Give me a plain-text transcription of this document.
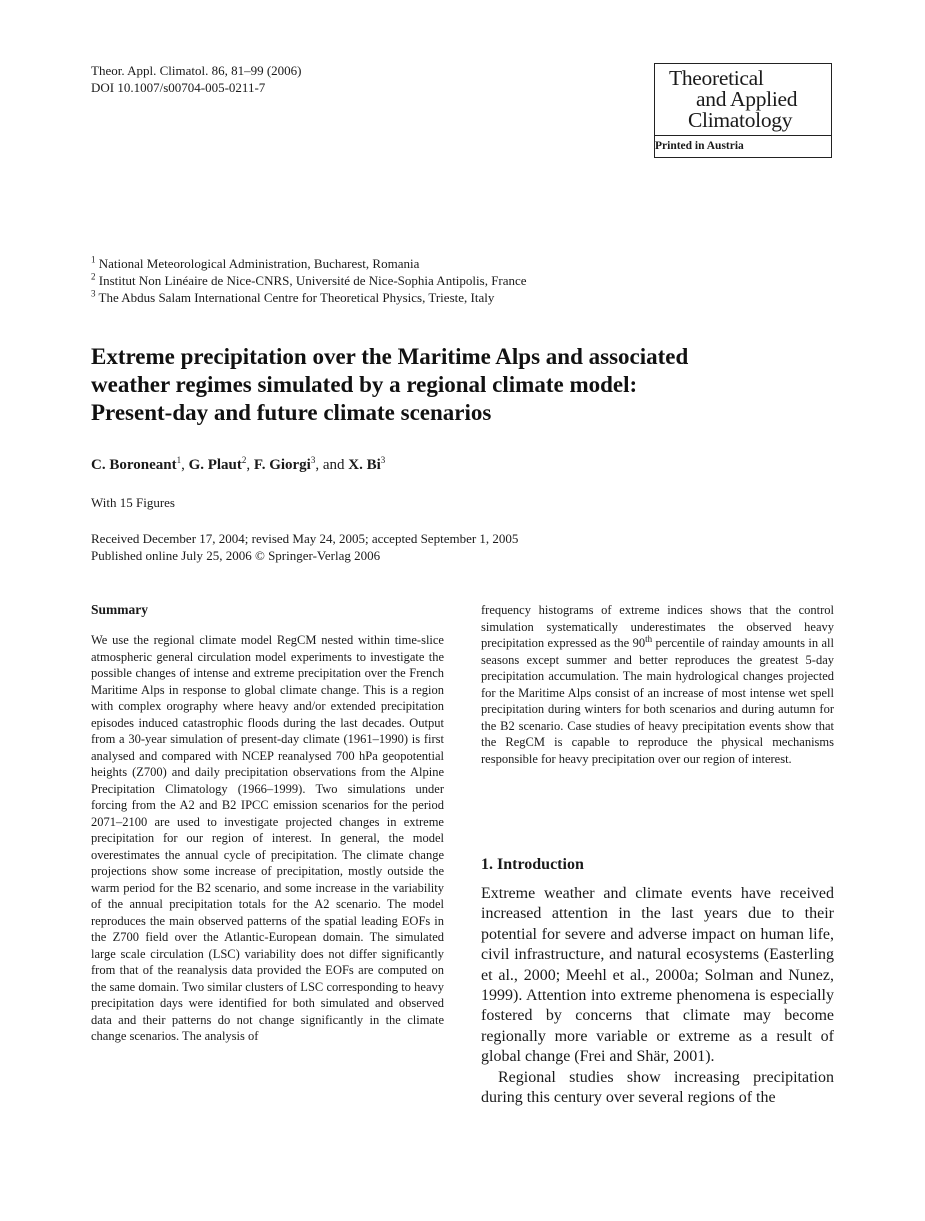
Theor. Appl. Climatol. 86, 81–99 (2006)
DOI 10.1007/s00704-005-0211-7	Theoretical
and Applied
Climatology
Printed in Austria
$^1$ National Meteorological Administration, Bucharest, Romania
$^2$ Institut Non Linéaire de Nice-CNRS, Université de Nice-Sophia Antipolis, France
$^3$ The Abdus Salam International Centre for Theoretical Physics, Trieste, Italy
Extreme precipitation over the Maritime Alps and associated
weather regimes simulated by a regional climate model:
Present-day and future climate scenarios
C. Boroneant$^1$, G. Plaut$^2$, F. Giorgi$^3$, and X. Bi$^3$
With 15 Figures
Received December 17, 2004; revised May 24, 2005; accepted September 1, 2005
Published online July 25, 2006 © Springer-Verlag 2006
Summary

We use the regional climate model RegCM nested within time-slice atmospheric general circulation model experiments to investigate the possible changes of intense and extreme precipitation over the French Maritime Alps in response to global climate change. This is a region with complex orography where heavy and/or extended precipitation episodes induced catastrophic floods during the last decades. Output from a 30-year simulation of present-day climate (1961–1990) is first analysed and compared with NCEP reanalysed 700 hPa geopotential heights (Z700) and daily precipitation observations from the Alpine Precipitation Climatology (1966–1999). Two simulations under forcing from the A2 and B2 IPCC emission scenarios for the period 2071–2100 are used to investigate projected changes in extreme precipitation for our region of interest. In general, the model overestimates the annual cycle of precipitation. The climate change projections show some increase of precipitation, mostly outside the warm period for the B2 scenario, and some increase in the variability of the annual precipitation totals for the A2 scenario. The model reproduces the main observed patterns of the spatial leading EOFs in the Z700 field over the Atlantic-European domain. The simulated large scale circulation (LSC) variability does not differ significantly from that of the reanalysis data provided the EOFs are computed on the same domain. Two similar clusters of LSC corresponding to heavy precipitation days were identified for both simulated and observed data and their patterns do not change significantly in the climate change scenarios. The analysis of

frequency histograms of extreme indices shows that the control simulation systematically underestimates the observed heavy precipitation expressed as the 90th percentile of rainday amounts in all seasons except summer and better reproduces the greatest 5-day precipitation accumulation. The main hydrological changes projected for the Maritime Alps consist of an increase of most intense wet spell precipitation during winters for both scenarios and during autumn for the B2 scenario. Case studies of heavy precipitation events show that the RegCM is capable to reproduce the physical mechanisms responsible for heavy precipitation over our region of interest.

1. Introduction

Extreme weather and climate events have received increased attention in the last years due to their potential for severe and adverse impact on human life, civil infrastructure, and natural ecosystems (Easterling et al., 2000; Meehl et al., 2000a; Solman and Nunez, 1999). Attention into extreme phenomena is especially fostered by concerns that climate may become regionally more variable or extreme as a result of global change (Frei and Shär, 2001).

Regional studies show increasing precipitation during this century over several regions of the
